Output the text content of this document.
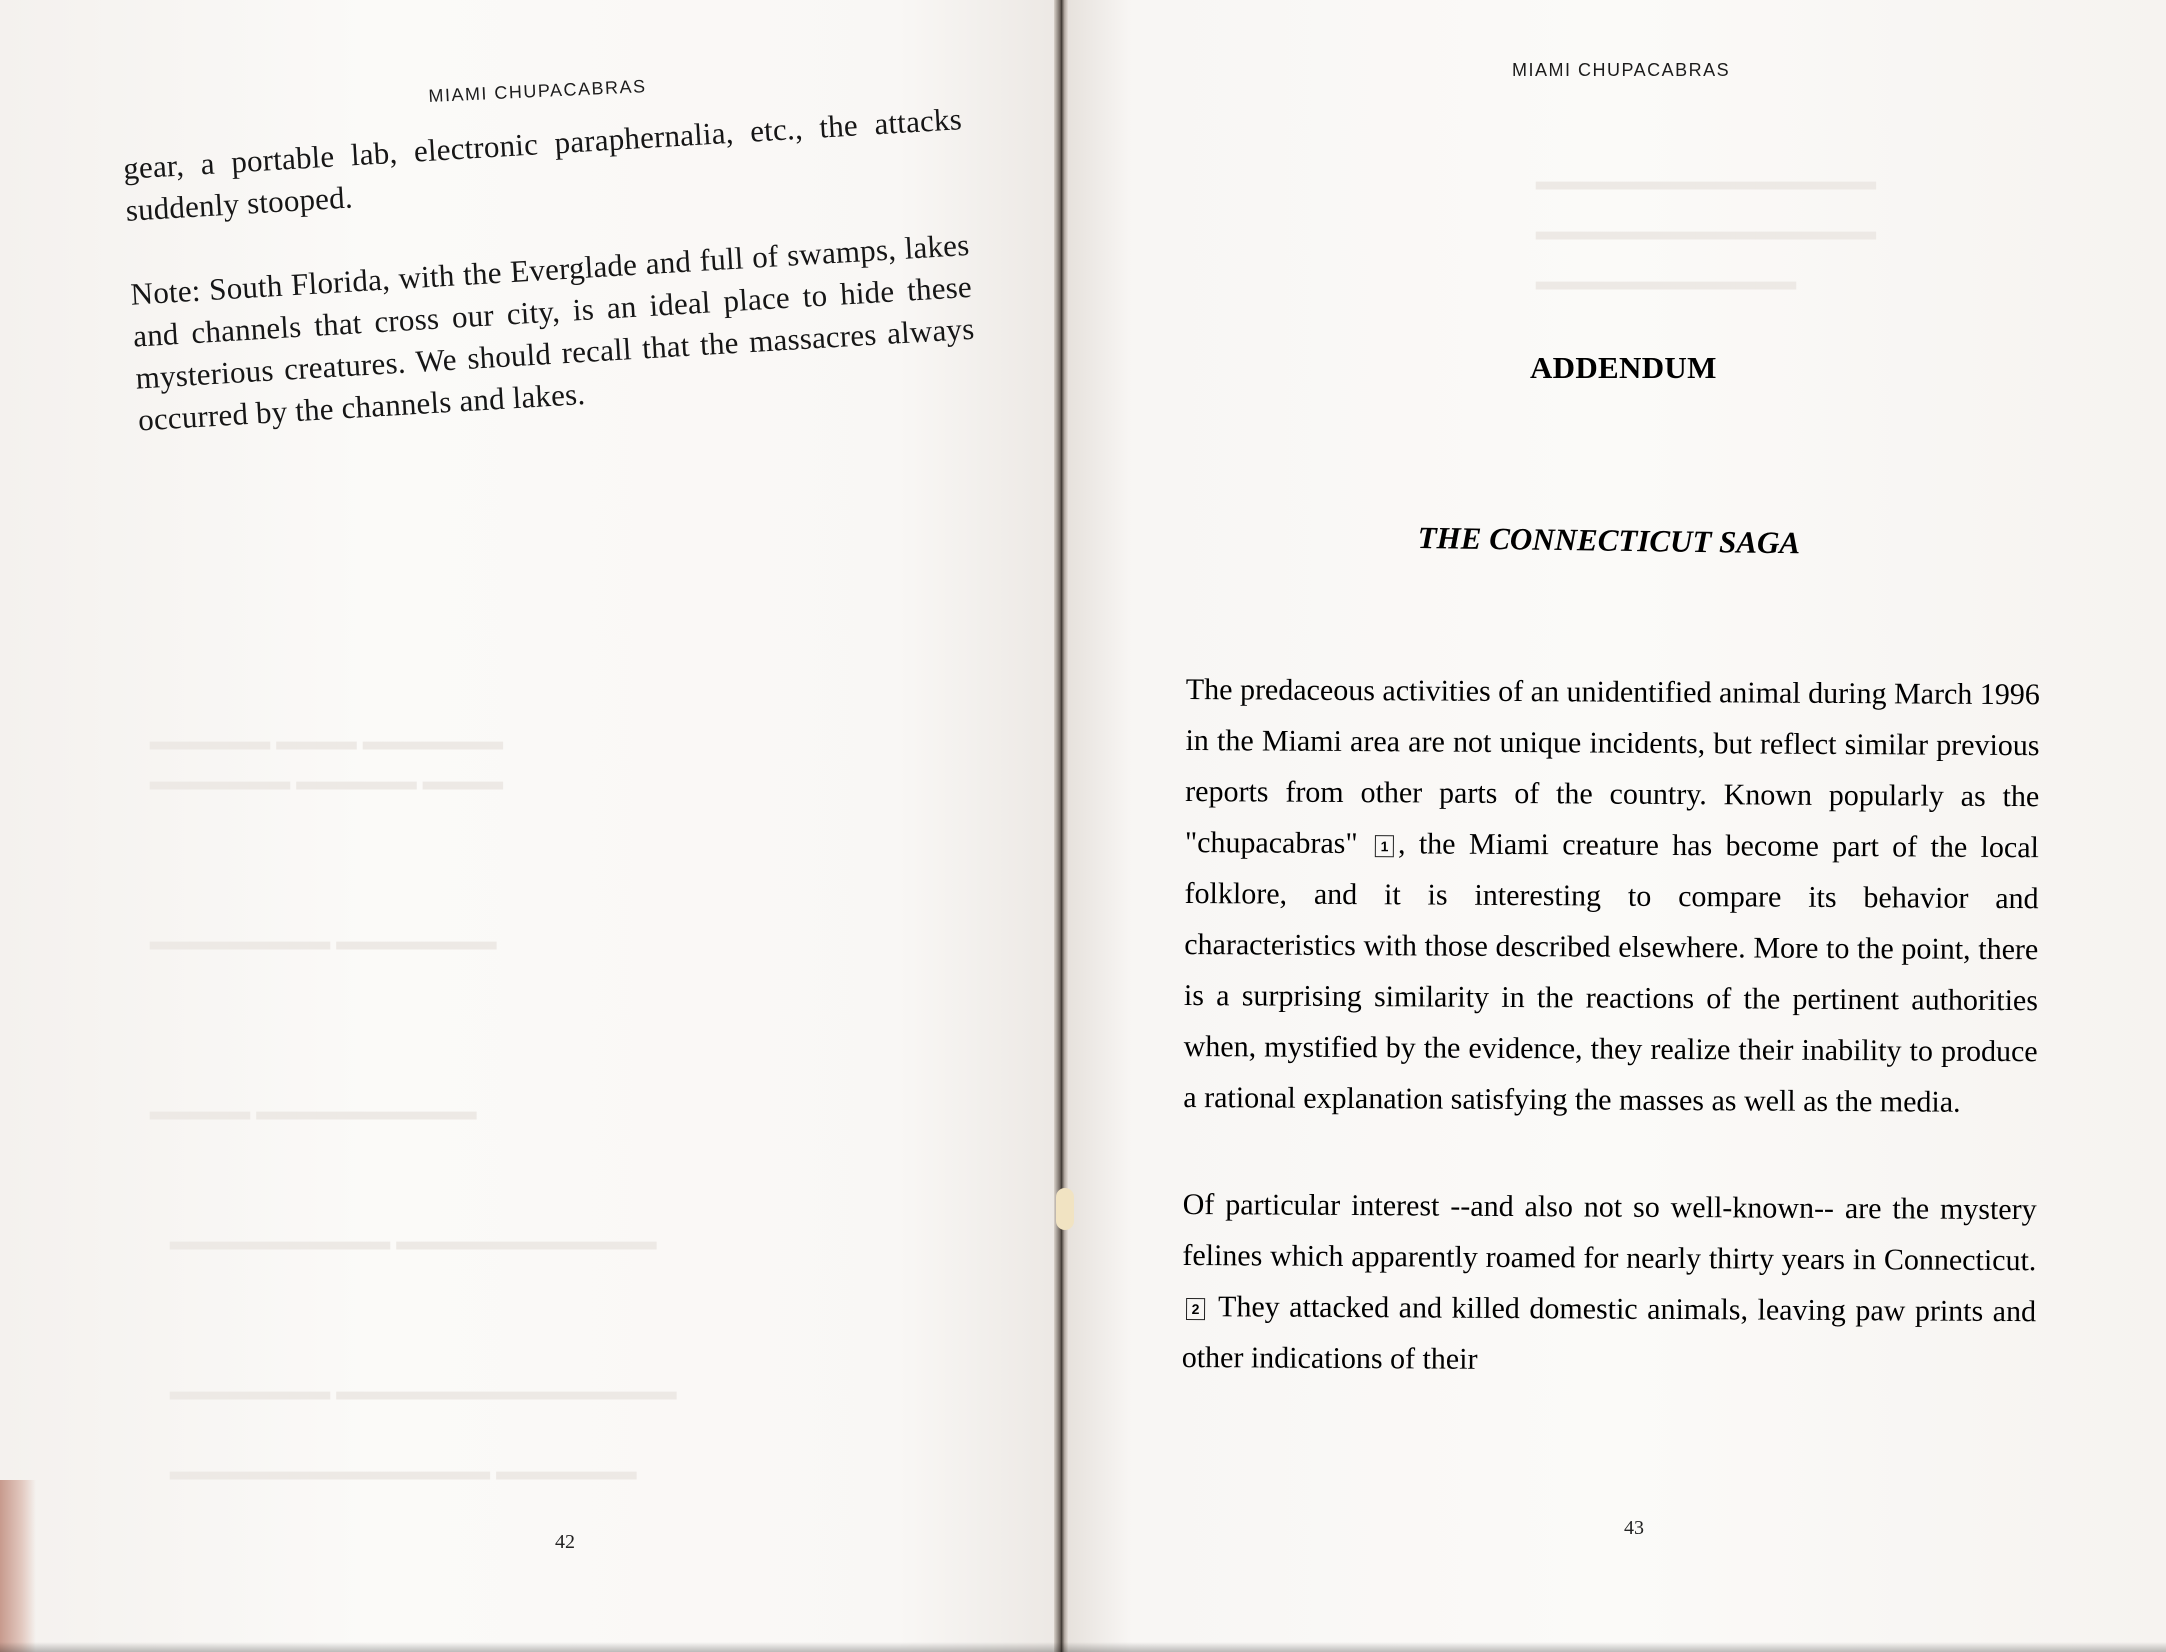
▂▂▂▂▂▂ ▂▂▂▂ ▂▂▂▂▂▂▂
▂▂▂▂▂▂▂ ▂▂▂▂▂▂ ▂▂▂▂
▂▂▂▂▂▂▂▂▂ ▂▂▂▂▂▂▂▂
▂▂▂▂▂ ▂▂▂▂▂▂▂▂▂▂▂
▂▂▂▂▂▂▂▂▂▂▂ ▂▂▂▂▂▂▂▂▂▂▂▂▂
▂▂▂▂▂▂▂▂ ▂▂▂▂▂▂▂▂▂▂▂▂▂▂▂▂▂
▂▂▂▂▂▂▂▂▂▂▂▂▂▂▂▂ ▂▂▂▂▂▂▂
MIAMI CHUPACABRAS

gear, a portable lab, electronic paraphernalia, etc., the attacks suddenly stooped.

Note: South Florida, with the Everglade and full of swamps, lakes and channels that cross our city, is an ideal place to hide these mysterious creatures. We should recall that the massacres always occurred by the channels and lakes.

42
▂▂▂▂▂▂▂▂▂▂▂▂▂▂▂▂▂
▂▂▂▂▂▂▂▂▂▂▂▂▂▂▂▂▂
▂▂▂▂▂▂▂▂▂▂▂▂▂
MIAMI CHUPACABRAS
ADDENDUM
THE CONNECTICUT SAGA

The predaceous activities of an unidentified animal during March 1996 in the Miami area are not unique incidents, but reflect similar previous reports from other parts of the country. Known popularly as the "chupacabras" 1 , the Miami creature has become part of the local folklore, and it is interesting to compare its behavior and characteristics with those described elsewhere. More to the point, there is a surprising similarity in the reactions of the pertinent authorities when, mystified by the evidence, they realize their inability to produce a rational explanation satisfying the masses as well as the media.

Of particular interest --and also not so well-known-- are the mystery felines which apparently roamed for nearly thirty years in Connecticut.2 They attacked and killed domestic animals, leaving paw prints and other indications of their

43
